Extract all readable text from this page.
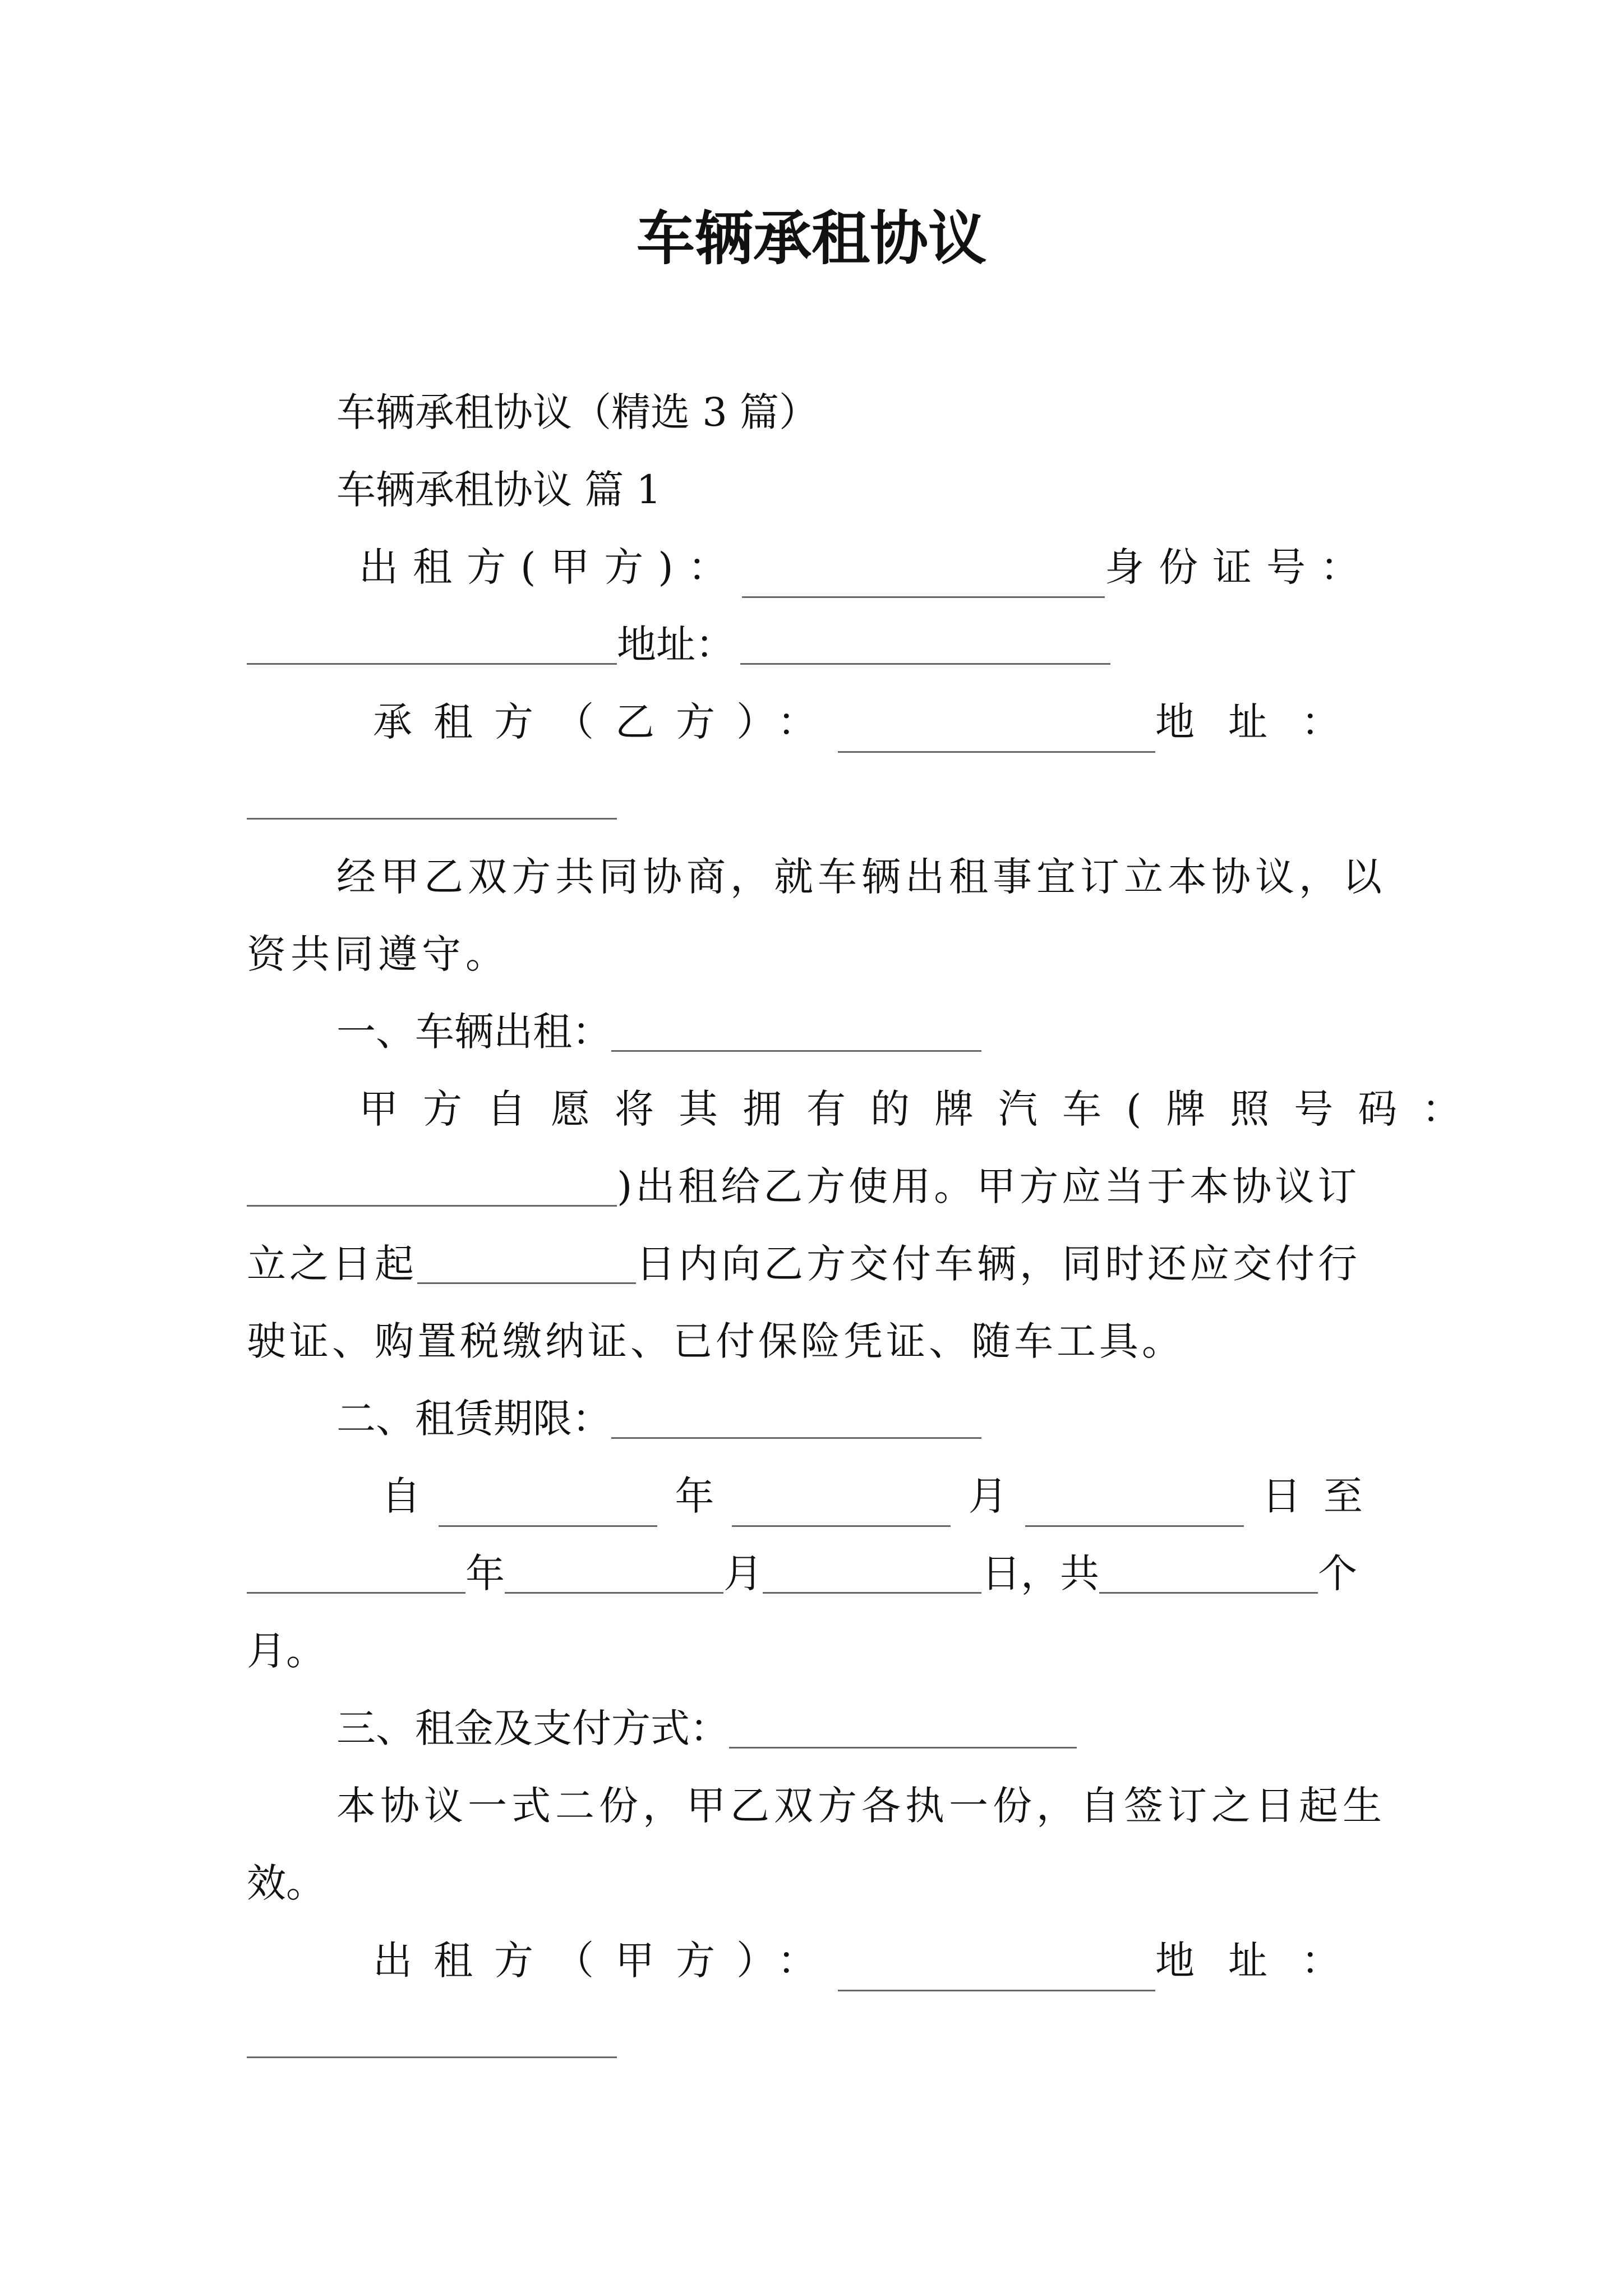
车辆承租协议
车辆承租协议（精选 3 篇）
车辆承租协议 篇 1
出租方(甲方)：	身份证号：
地址：
承租方（乙方）：	地址：
经甲乙双方共同协商，就车辆出租事宜订立本协议，以
资共同遵守。
一、车辆出租：
甲方自愿将其拥有的牌汽车(牌照号码：
)出租给乙方使用。甲方应当于本协议订
立之日起	日内向乙方交付车辆，同时还应交付行
驶证、购置税缴纳证、已付保险凭证、随车工具。
二、租赁期限：
自	年	月	日至
年	月	日，共	个
月。
三、租金及支付方式：
本协议一式二份，甲乙双方各执一份，自签订之日起生
效。
出租方（甲方）：	地址：
